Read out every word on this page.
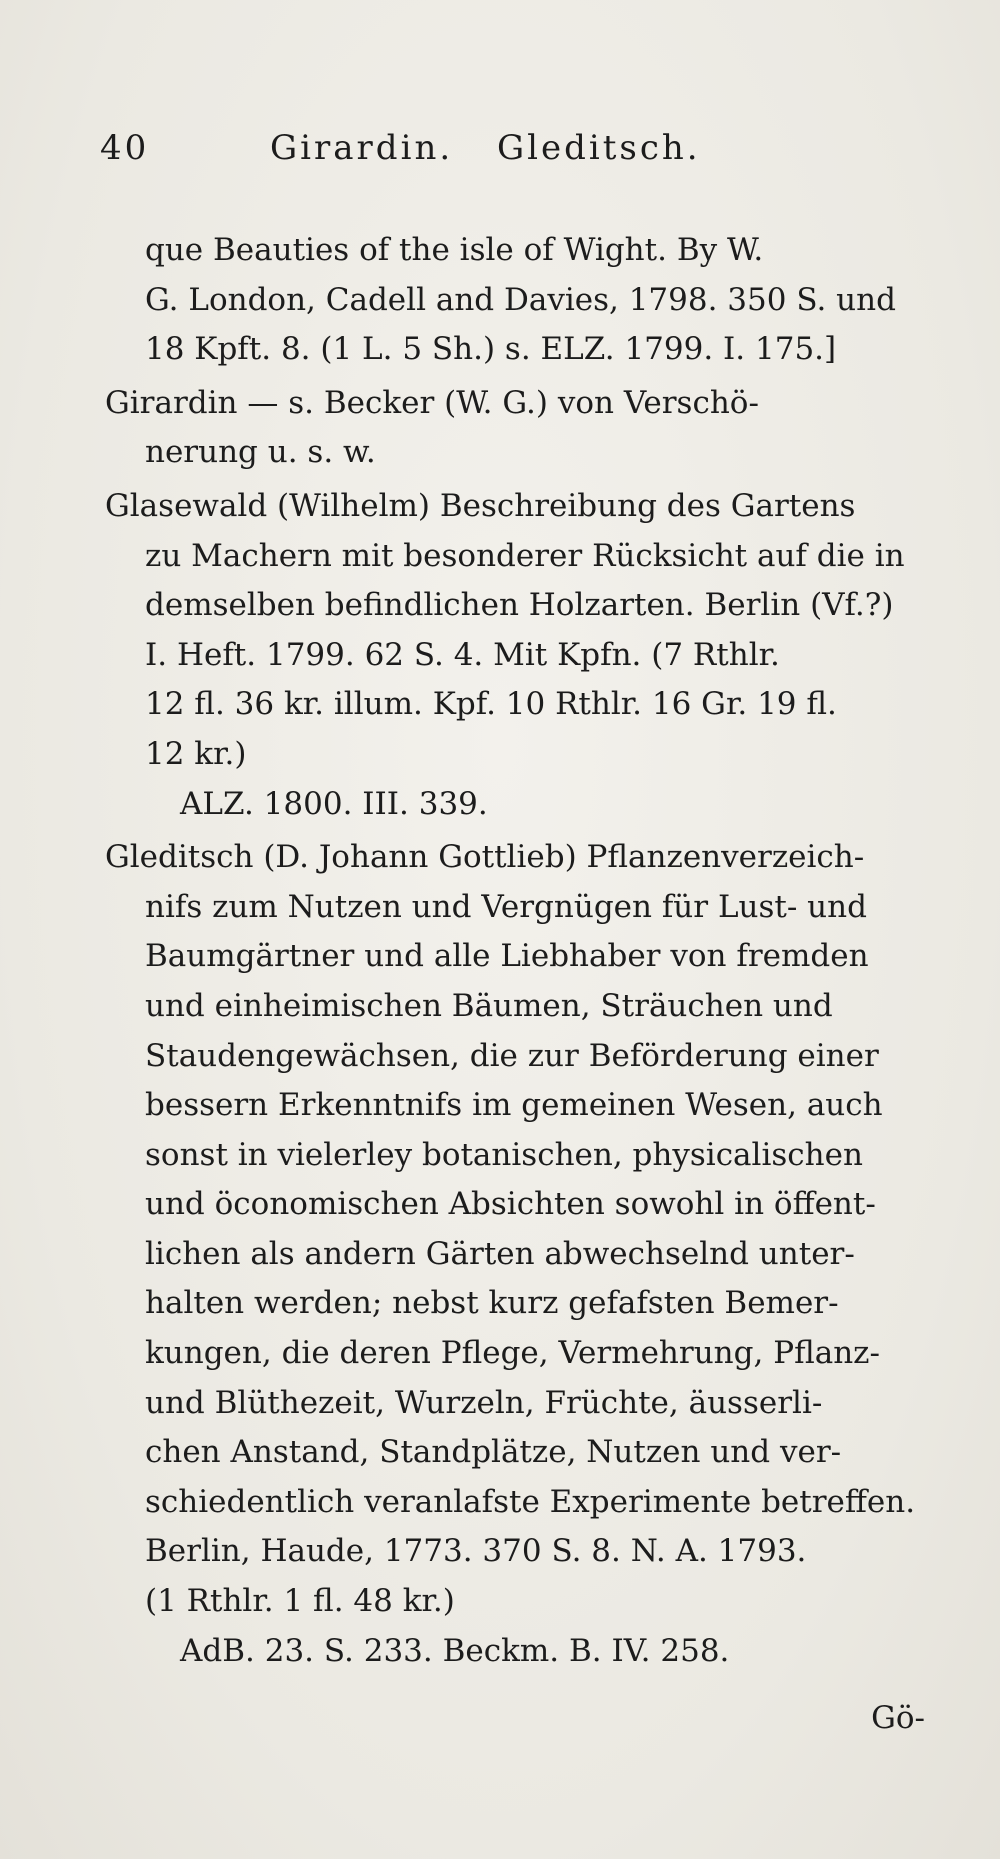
40	Girardin. Gleditsch.
que Beauties of the isle of Wight. By W.
G. London, Cadell and Davies, 1798. 350 S. und
18 Kpft. 8. (1 L. 5 Sh.) s. ELZ. 1799. I. 175.]
Girardin — s. Becker (W. G.) von Verschö-
nerung u. s. w.
Glasewald (Wilhelm) Beschreibung des Gartens
zu Machern mit besonderer Rücksicht auf die in
demselben befindlichen Holzarten. Berlin (Vf.?)
I. Heft. 1799. 62 S. 4. Mit Kpfn. (7 Rthlr.
12 fl. 36 kr. illum. Kpf. 10 Rthlr. 16 Gr. 19 fl.
12 kr.)
ALZ. 1800. III. 339.
Gleditsch (D. Johann Gottlieb) Pflanzenverzeich-
nifs zum Nutzen und Vergnügen für Lust- und
Baumgärtner und alle Liebhaber von fremden
und einheimischen Bäumen, Sträuchen und
Staudengewächsen, die zur Beförderung einer
bessern Erkenntnifs im gemeinen Wesen, auch
sonst in vielerley botanischen, physicalischen
und öconomischen Absichten sowohl in öffent-
lichen als andern Gärten abwechselnd unter-
halten werden; nebst kurz gefafsten Bemer-
kungen, die deren Pflege, Vermehrung, Pflanz-
und Blüthezeit, Wurzeln, Früchte, äusserli-
chen Anstand, Standplätze, Nutzen und ver-
schiedentlich veranlafste Experimente betreffen.
Berlin, Haude, 1773. 370 S. 8. N. A. 1793.
(1 Rthlr. 1 fl. 48 kr.)
AdB. 23. S. 233. Beckm. B. IV. 258.
Gö-
